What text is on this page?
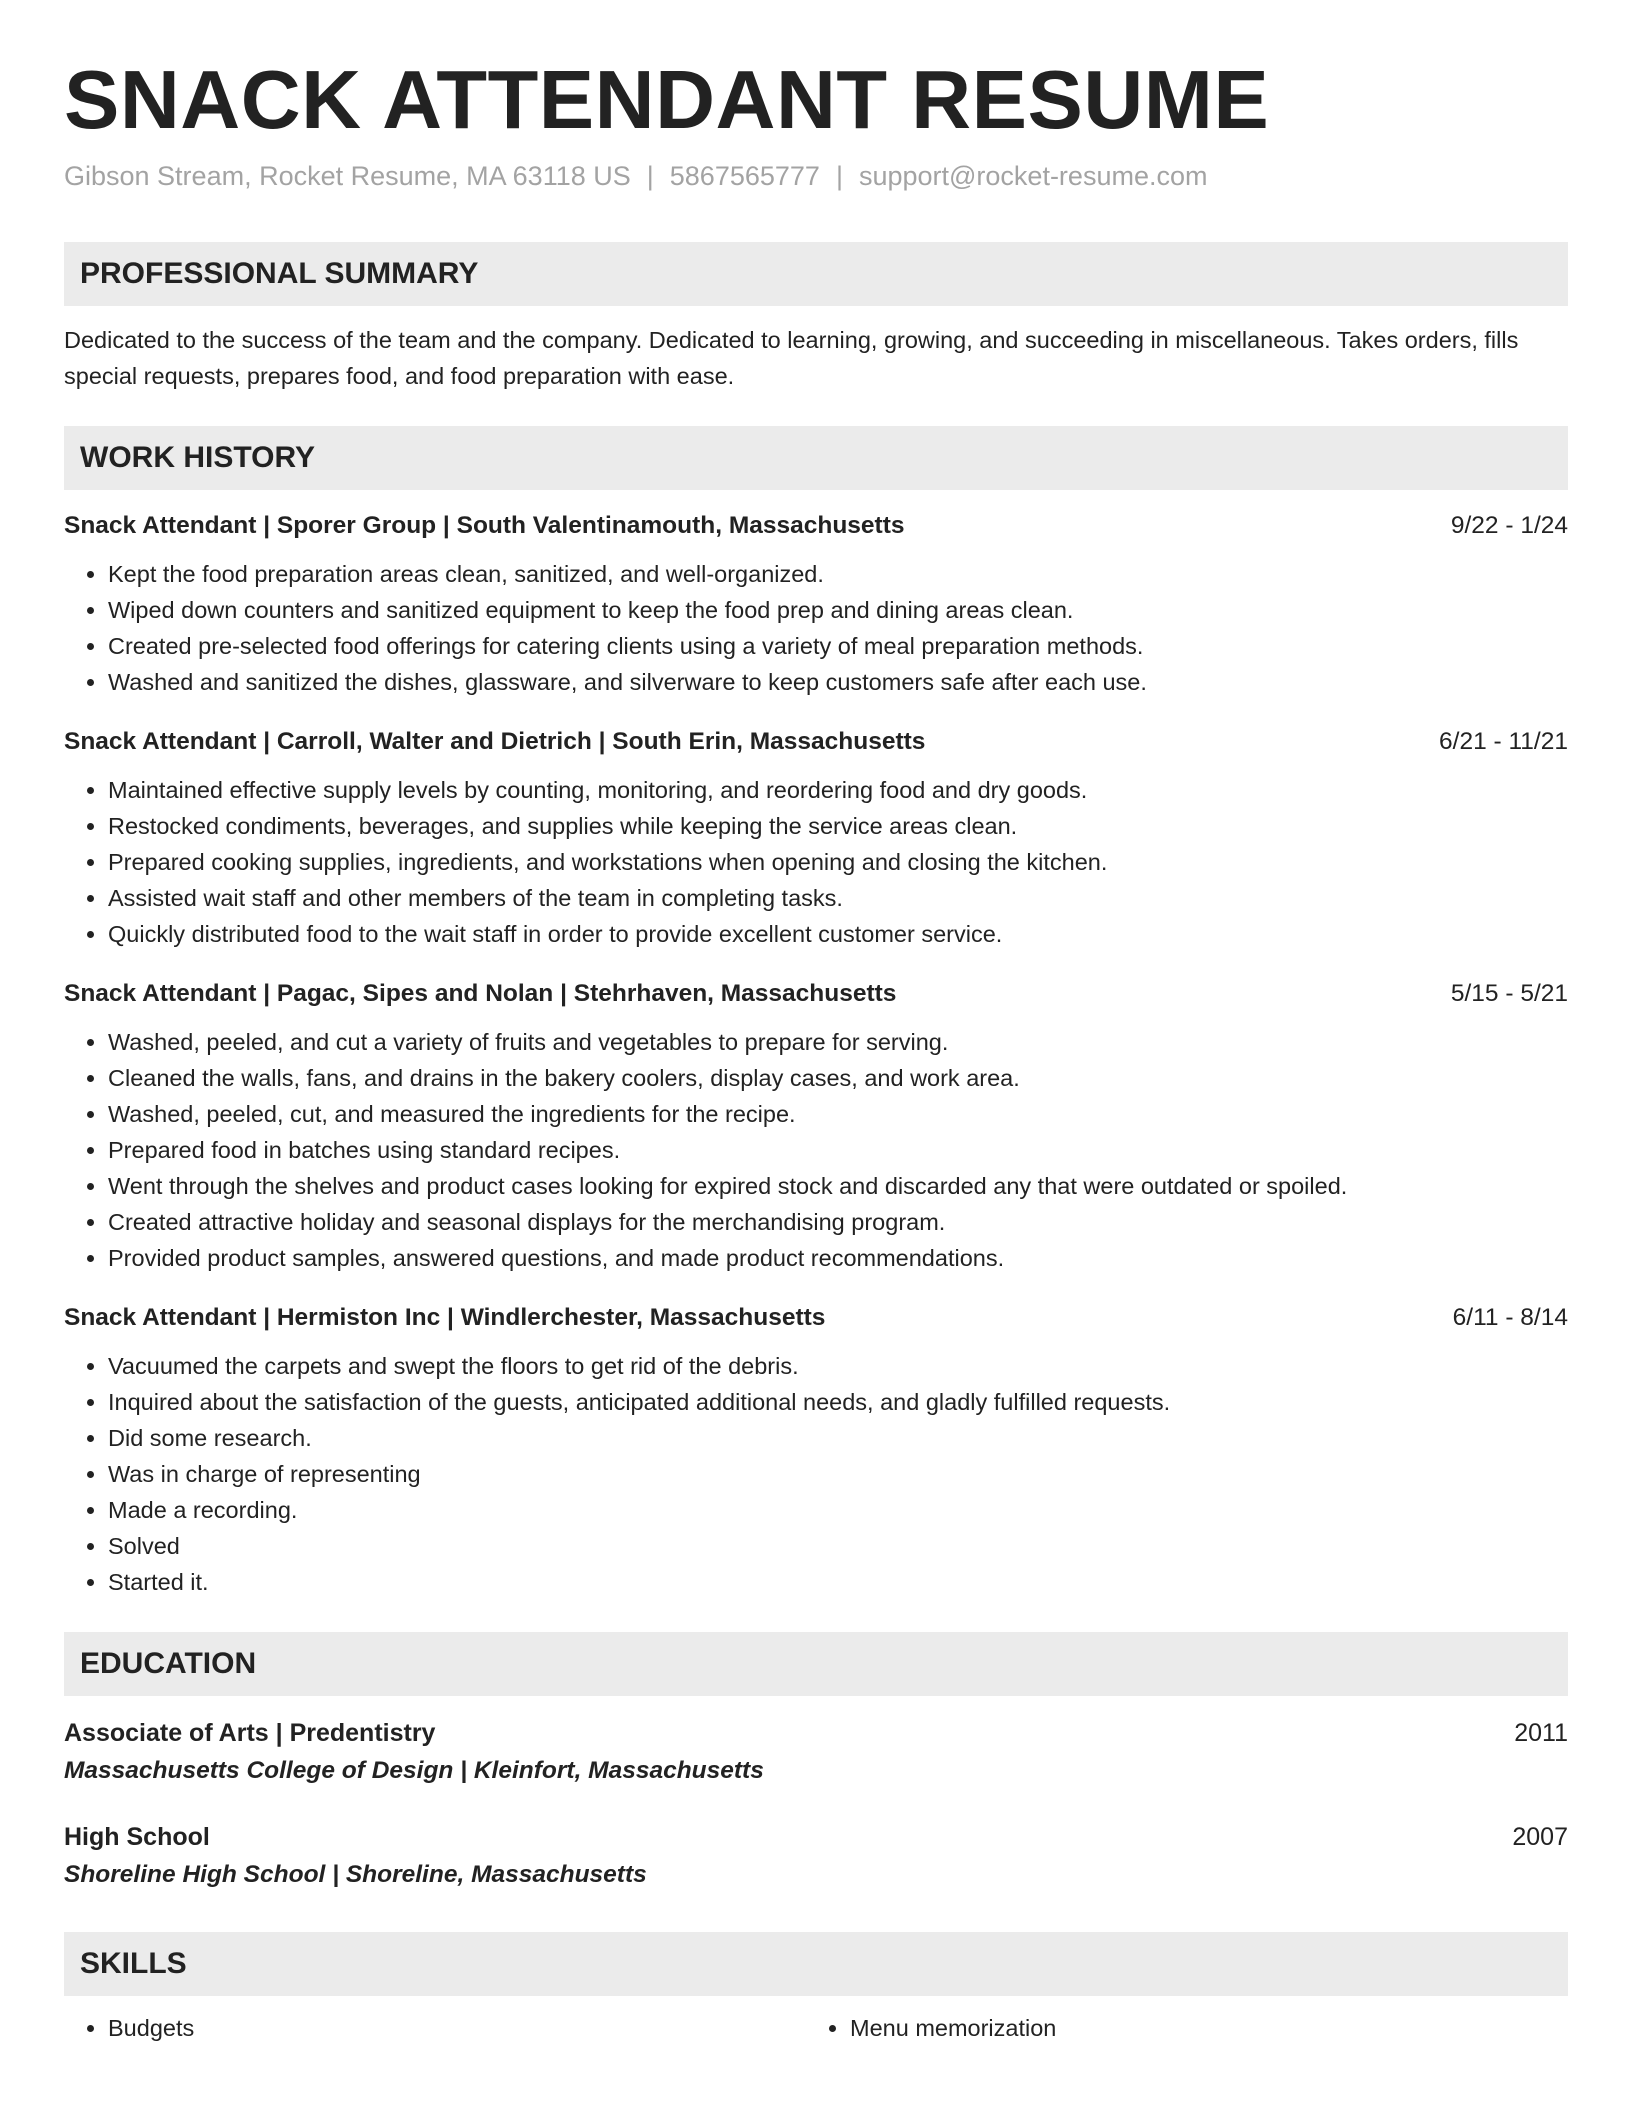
SNACK ATTENDANT RESUME
Gibson Stream, Rocket Resume, MA 63118 US | 5867565777 | support@rocket-resume.com
PROFESSIONAL SUMMARY

Dedicated to the success of the team and the company. Dedicated to learning, growing, and succeeding in miscellaneous. Takes orders, fills special requests, prepares food, and food preparation with ease.

WORK HISTORY
Snack Attendant | Sporer Group | South Valentinamouth, Massachusetts	9/22 - 1/24
• Kept the food preparation areas clean, sanitized, and well-organized.
• Wiped down counters and sanitized equipment to keep the food prep and dining areas clean.
• Created pre-selected food offerings for catering clients using a variety of meal preparation methods.
• Washed and sanitized the dishes, glassware, and silverware to keep customers safe after each use.
Snack Attendant | Carroll, Walter and Dietrich | South Erin, Massachusetts	6/21 - 11/21
• Maintained effective supply levels by counting, monitoring, and reordering food and dry goods.
• Restocked condiments, beverages, and supplies while keeping the service areas clean.
• Prepared cooking supplies, ingredients, and workstations when opening and closing the kitchen.
• Assisted wait staff and other members of the team in completing tasks.
• Quickly distributed food to the wait staff in order to provide excellent customer service.
Snack Attendant | Pagac, Sipes and Nolan | Stehrhaven, Massachusetts	5/15 - 5/21
• Washed, peeled, and cut a variety of fruits and vegetables to prepare for serving.
• Cleaned the walls, fans, and drains in the bakery coolers, display cases, and work area.
• Washed, peeled, cut, and measured the ingredients for the recipe.
• Prepared food in batches using standard recipes.
• Went through the shelves and product cases looking for expired stock and discarded any that were outdated or spoiled.
• Created attractive holiday and seasonal displays for the merchandising program.
• Provided product samples, answered questions, and made product recommendations.
Snack Attendant | Hermiston Inc | Windlerchester, Massachusetts	6/11 - 8/14
• Vacuumed the carpets and swept the floors to get rid of the debris.
• Inquired about the satisfaction of the guests, anticipated additional needs, and gladly fulfilled requests.
• Did some research.
• Was in charge of representing
• Made a recording.
• Solved
• Started it.
EDUCATION
Associate of Arts | Predentistry	2011
Massachusetts College of Design | Kleinfort, Massachusetts
High School	2007
Shoreline High School | Shoreline, Massachusetts
SKILLS
• Budgets
•	Menu memorization
